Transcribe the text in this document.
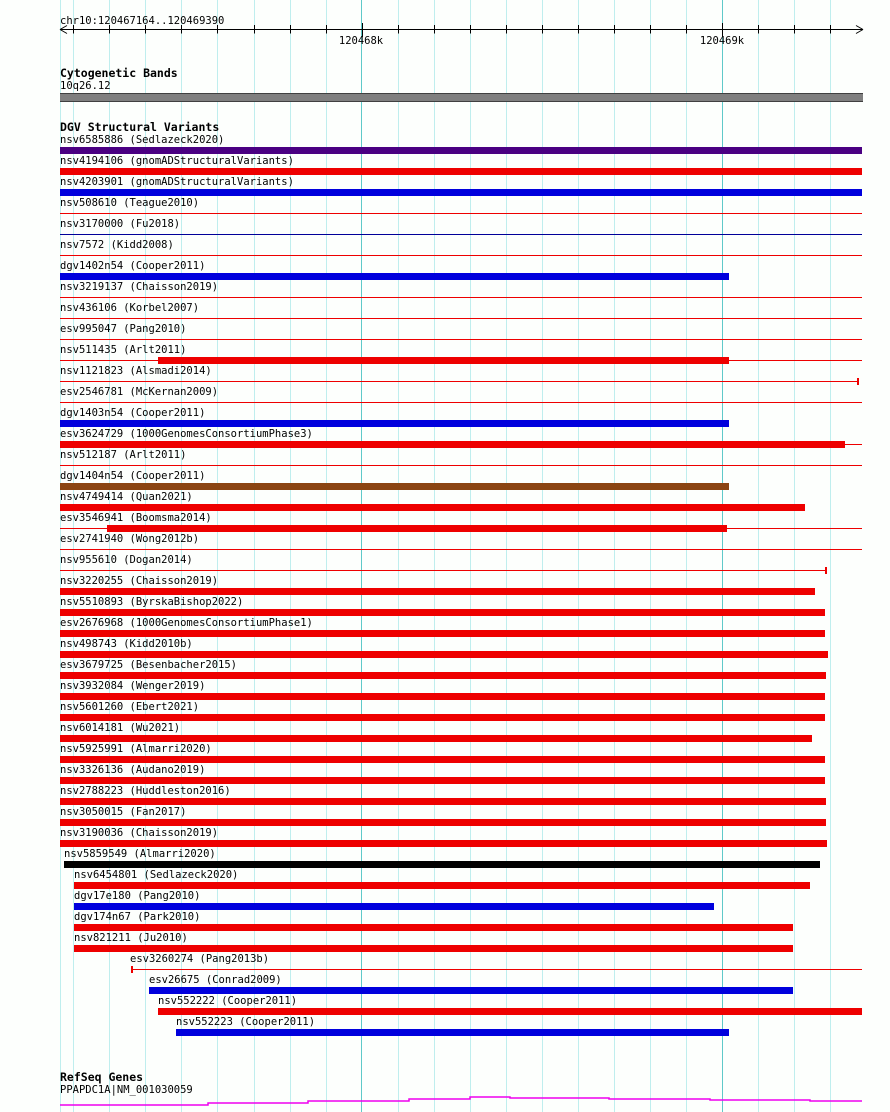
chr10:120467164..120469390
120468k	120469k
Cytogenetic Bands
10q26.12
DGV Structural Variants
nsv6585886 (Sedlazeck2020)
nsv4194106 (gnomADStructuralVariants)
nsv4203901 (gnomADStructuralVariants)
nsv508610 (Teague2010)
nsv3170000 (Fu2018)
nsv7572 (Kidd2008)
dgv1402n54 (Cooper2011)
nsv3219137 (Chaisson2019)
nsv436106 (Korbel2007)
esv995047 (Pang2010)
nsv511435 (Arlt2011)
nsv1121823 (Alsmadi2014)
esv2546781 (McKernan2009)
dgv1403n54 (Cooper2011)
esv3624729 (1000GenomesConsortiumPhase3)
nsv512187 (Arlt2011)
dgv1404n54 (Cooper2011)
nsv4749414 (Quan2021)
esv3546941 (Boomsma2014)
esv2741940 (Wong2012b)
nsv955610 (Dogan2014)
nsv3220255 (Chaisson2019)
nsv5510893 (ByrskaBishop2022)
esv2676968 (1000GenomesConsortiumPhase1)
nsv498743 (Kidd2010b)
esv3679725 (Besenbacher2015)
nsv3932084 (Wenger2019)
nsv5601260 (Ebert2021)
nsv6014181 (Wu2021)
nsv5925991 (Almarri2020)
nsv3326136 (Audano2019)
nsv2788223 (Huddleston2016)
nsv3050015 (Fan2017)
nsv3190036 (Chaisson2019)
nsv5859549 (Almarri2020)
nsv6454801 (Sedlazeck2020)
dgv17e180 (Pang2010)
dgv174n67 (Park2010)
nsv821211 (Ju2010)
esv3260274 (Pang2013b)
esv26675 (Conrad2009)
nsv552222 (Cooper2011)
nsv552223 (Cooper2011)
RefSeq Genes
PPAPDC1A|NM_001030059
